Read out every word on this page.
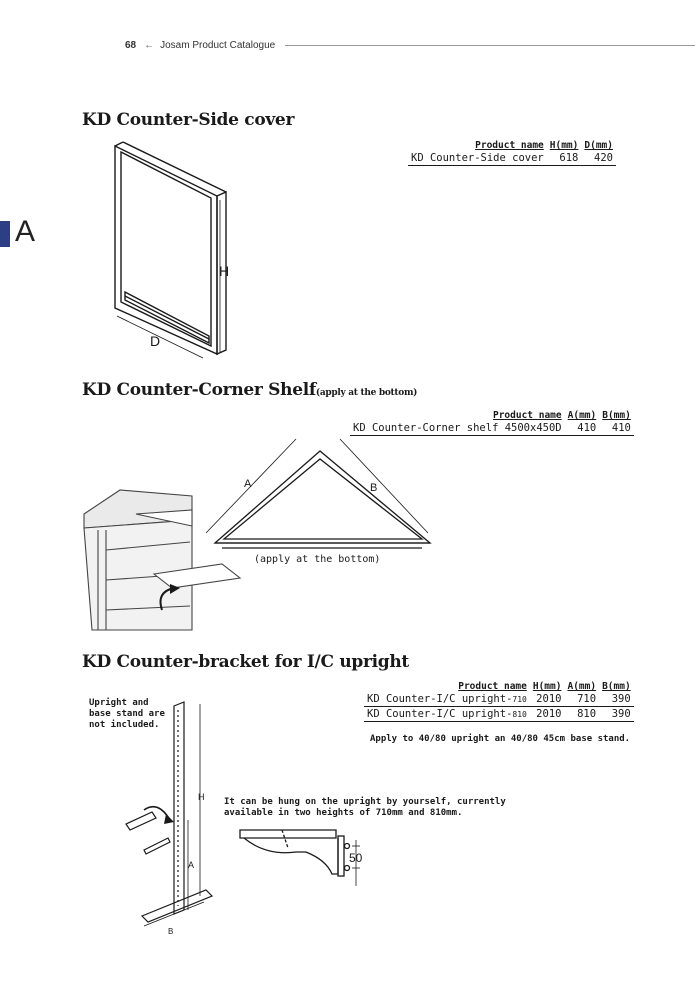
68 ← Josam Product Catalogue
A
KD Counter-Side cover
Product name	H(mm)	D(mm)
KD Counter-Side cover	618	420
H
D
KD Counter-Corner Shelf(apply at the bottom)
Product name	A(mm)	B(mm)
KD Counter-Corner shelf 4500x450D	410	410
A	B
(apply at the bottom)
KD Counter-bracket for I/C upright
Product name	H(mm)	A(mm)	B(mm)
KD Counter-I/C upright-710	2010	710	390
KD Counter-I/C upright-810	2010	810	390
Apply to 40/80 upright an 40/80 45cm base stand.
Upright and
base stand are
not included.
It can be hung on the upright by yourself, currently
available in two heights of 710mm and 810mm.
H
A
B
50
